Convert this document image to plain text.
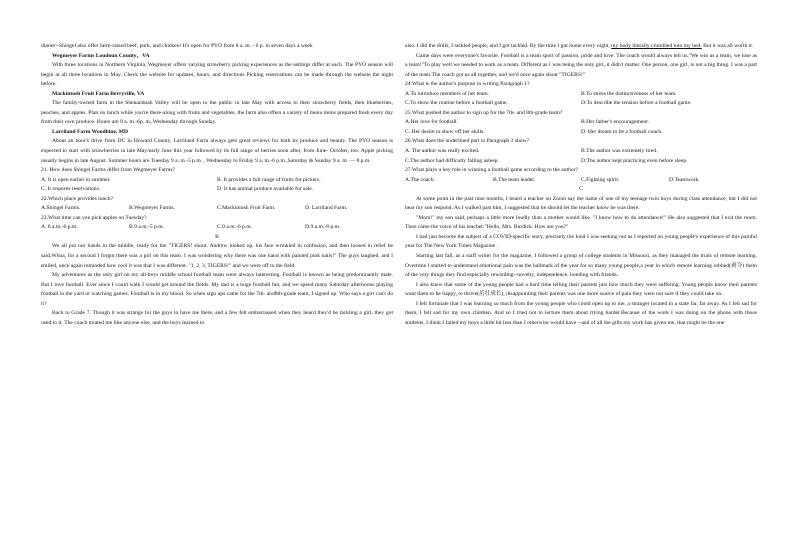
dinner--Shingel also offer farm-raised beef, pork, and chicken! It's open for PYO from 8 a. m. - 6 p. m seven days a week

Wegmeyer Farms Loudoun County，VA

With three locations in Northern Virginia, Wegmeyer offers varying strawberry picking experiences as the settings differ at each. The PYO season will begin at all three locations in May. Check the website for updates, hours, and directions Picking reservations can be made through the website the night before.

Mackintosh Fruit Farm Berryville, VA

The family-owned farm in the Shenandoah Valley will be open to the public in late May with access to their strawberry fields, then blueberries, peaches, and apples. Plan on lunch while you're there-along with fruits and vegetables, the farm also offers a variety of menu items prepared fresh every day from their own produce. Hours are 8 a. m.-6p. m.,Wednesday through Sunday.

Larriland Farm Woodbine, MD

About an hour's drive from DC in Howard County, Larriland Farm always gets great reviews for both its produce and beauty. The PYO season is expected to start with strawberries in late May/early June this year followed by its full range of berries soon after, from June- October, too. Apple picking usually begins in late August. Summer hours are Tuesday 9 a. m.-5 p.m. , Wednesday to Friday 9 a. m.-6 p.m.,Saturday & Sunday 9 a. m. — 8 p.m.

21. How does Shingel Farms differ from Wegmeyer Farms?

A. It is open earlier in summer.	B. It provides a full range of fruits for pickers.
C. It requires reservations.	D. It has animal produce available for sale.

22.Which place provides lunch?

A.Shingel Farms.	B.Wegmeyer Farms.	C.Mackintosh Fruit Farm.	D. Larriland Farm.

23.What time can you pick apples on Tuesday?

A. 8 a.m.-6 p.m.	B.9 a.m.-5 p.m.	C.9 a.m.-6 p.m.	D.9 a.m.-8 p.m.

B

We all put our hands in the middle, ready for the "TIGERS! shout. Andrew looked up, his face wrinkled in confusion, and then loosed in relief he said,Whoa, for a second I forgot there was a girl on this team. I was wondering why there was one hand with painted pink nails!" The guys laughed, and I smiled, once again reminded how cool it was that I was different. "1, 2, 3, TIGERS!" and we were off to the field.

My adventures as the only girl on my all-boys middle school football team were always interesting. Football is known as being predominantly male. But I love football. Ever since I could walk I would get around the fields. My dad is a huge football fan, and we spend many Saturday afternoons playing football in the yard or watching games. Football is in my blood. So when sign ups came for the 7th- and8th-grade team, I signed up. Who says a girl can't do it?

Back to Grade 7. Though it was strange for the guys to have me there, and a few felt embarrassed when they heard they'd be tackling a girl, they got used to it. The coach treated me like anyone else, and the boys learned to

also. I did the drills, I tackled people, and I got tackled. By the time I got home every night, my body literally crumbled into my bed. But it was all worth it.

Game days were everyone's favorite. Football is a team sport of passion, pride and love. The coach would always tell us,"We win as a team, we lose as a team!"To play well we needed to work as a team. Different as I was being the only girl, it didn't matter. One person, one girl, is not a big thing. I was a part of the team.The coach got us all together, and we'd once again shout "TIGERS!"

24.What is the author's purpose in writing Paragraph 1?

A.To introduce members of her team.	B.To stress the distinctiveness of her team.
C.To show the routine before a football game.	D.To describe the tension before a football game.

25.What pushed the author to sign up for the 7th- and 8th-grade team?

A.Her love for football.	B.Her father's encouragement.
C. Her desire to show off her skills.	D. Her dream to be a football coach.

26.What does the underlined part in Paragraph 3 show?

A. The author was really excited.	B.The author was extremely tired.
C.The author had difficulty falling asleep.	D.The author kept practicing even before sleep.

27.What plays a key role in winning a football game according to the author?

A.The coach.	B.The team leader.	C.Fighting spirit.	D.Teamwork.

C

At some point in the past nine months, I heard a teacher on Zoom say the name of one of my teenage twin boys during class attendance, but I did not hear my son respond. As I walked past him, I suggested that he should let the teacher know he was there.

"Mom!" my son said, perhaps a little more loudly than a mother would like. "I know how to do attendance!" He also suggested that I exit the room. Then came the voice of his teacher:"Hello, Mrs. Burdick. How are you?"

I had just become the subject of a COVID-specific story, precisely the kind I was seeking out as I reported on young people's experience of this painful year for The New York Times Magazine .

Starting last fall, as a staff writer for the magazine, I followed a group of college students in Missouri, as they managed the trials of remote learning. Overtime I started to understand emotional pain was the hallmark of the year for so many young people,a year in which remote learning robbed(剥夺) them of the very things they find especially rewarding--novelty, independence, bonding with friends.

I also knew that some of the young people had a hard time telling their parents just how much they were suffering. Young people know their parents want them to be happy, to thrive(茁壮成长), disappointing their parents was one more source of pain they were not sure if they could take on.

I felt fortunate that I was learning so much from the young people who could open up to me, a stranger located in a state far, far away. As I felt sad for them, I felt sad for my own children. And so I tried not to lecture them about trying harder.Because of the work I was doing on the phone with those students, I think I failed my boys a little bit less than I otherwise would have --and of all the gifts my work has given me, that might be the one
